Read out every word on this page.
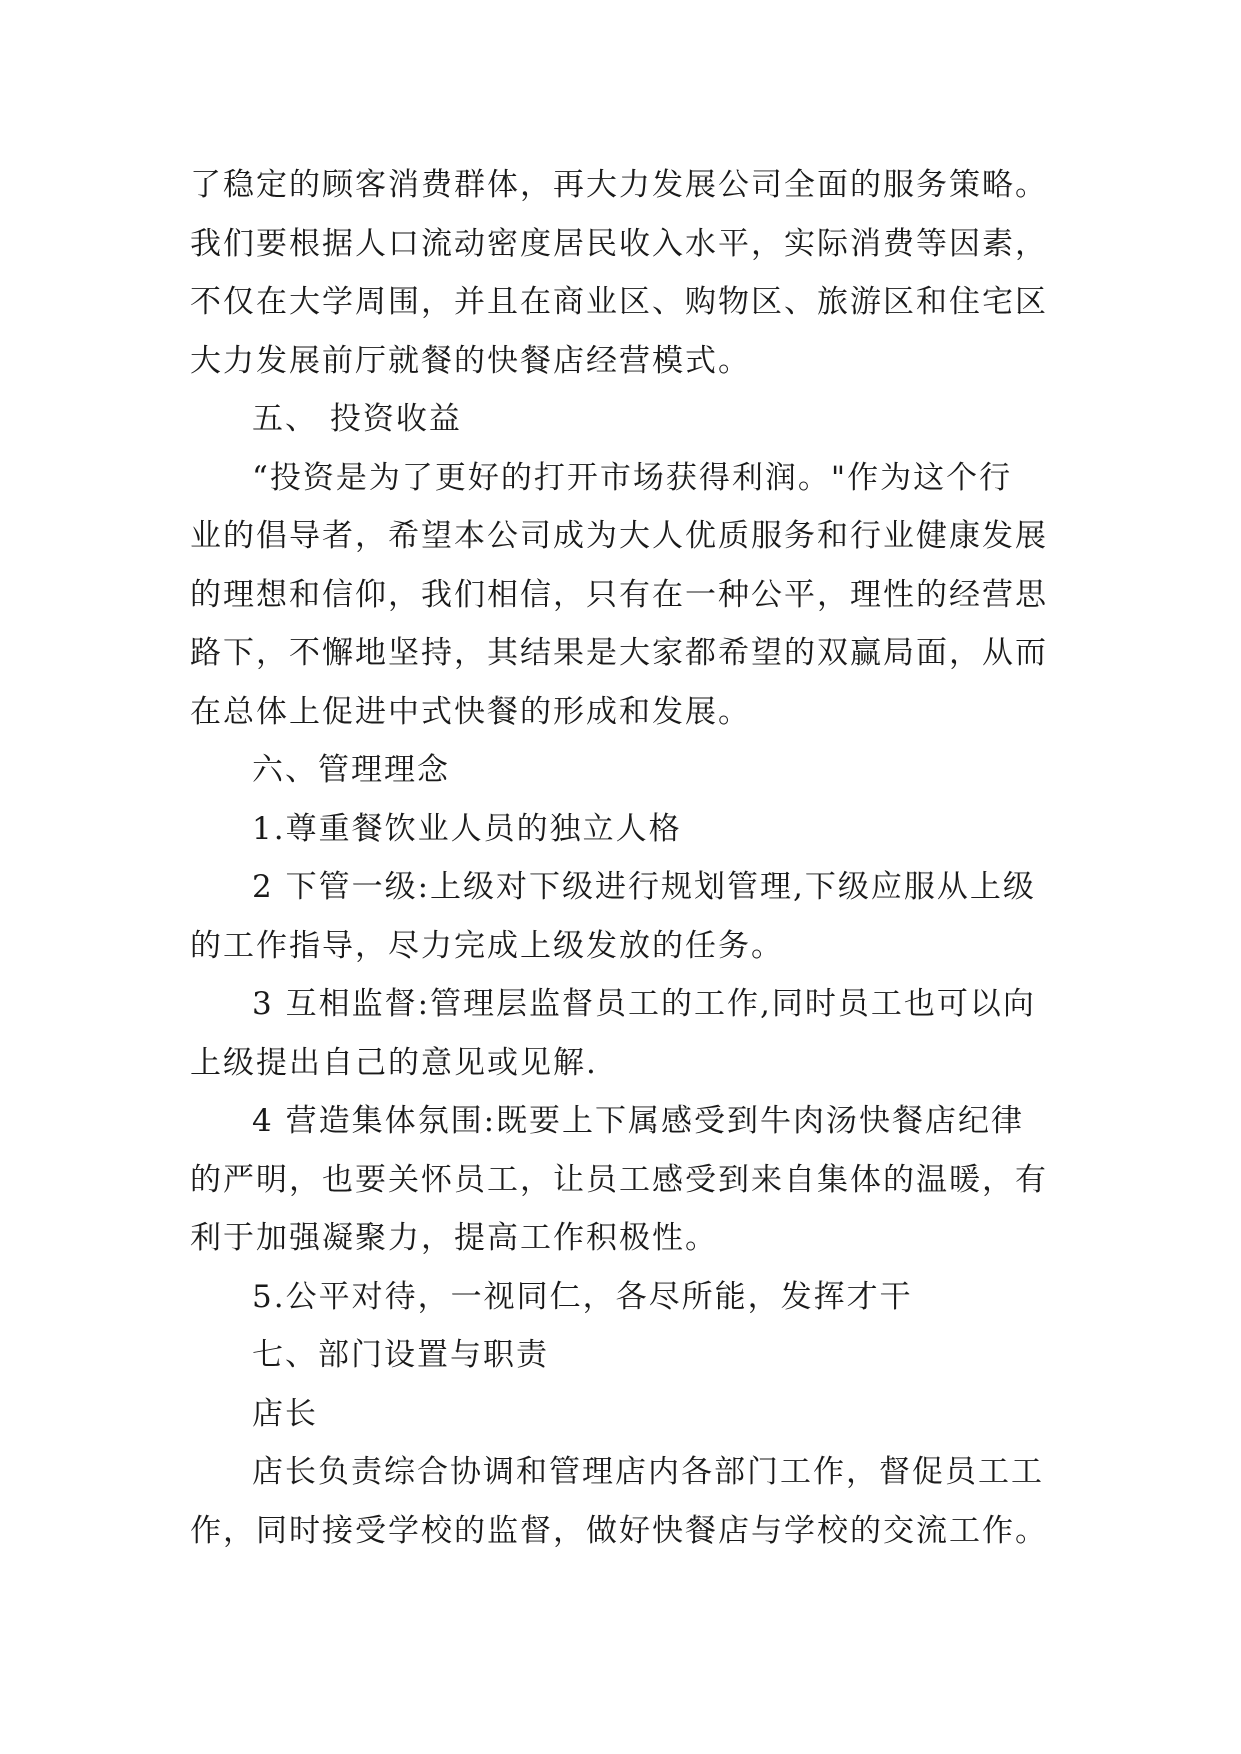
了稳定的顾客消费群体，再大力发展公司全面的服务策略。
我们要根据人口流动密度居民收入水平，实际消费等因素，
不仅在大学周围，并且在商业区、购物区、旅游区和住宅区
大力发展前厅就餐的快餐店经营模式。
五、 投资收益
“投资是为了更好的打开市场获得利润。"作为这个行
业的倡导者，希望本公司成为大人优质服务和行业健康发展
的理想和信仰，我们相信，只有在一种公平，理性的经营思
路下，不懈地坚持，其结果是大家都希望的双赢局面，从而
在总体上促进中式快餐的形成和发展。
六、管理理念
1.尊重餐饮业人员的独立人格
2 下管一级:上级对下级进行规划管理,下级应服从上级
的工作指导，尽力完成上级发放的任务。
3 互相监督:管理层监督员工的工作,同时员工也可以向
上级提出自己的意见或见解.
4 营造集体氛围:既要上下属感受到牛肉汤快餐店纪律
的严明，也要关怀员工，让员工感受到来自集体的温暖，有
利于加强凝聚力，提高工作积极性。
5.公平对待，一视同仁，各尽所能，发挥才干
七、部门设置与职责
店长
店长负责综合协调和管理店内各部门工作，督促员工工
作，同时接受学校的监督，做好快餐店与学校的交流工作。
